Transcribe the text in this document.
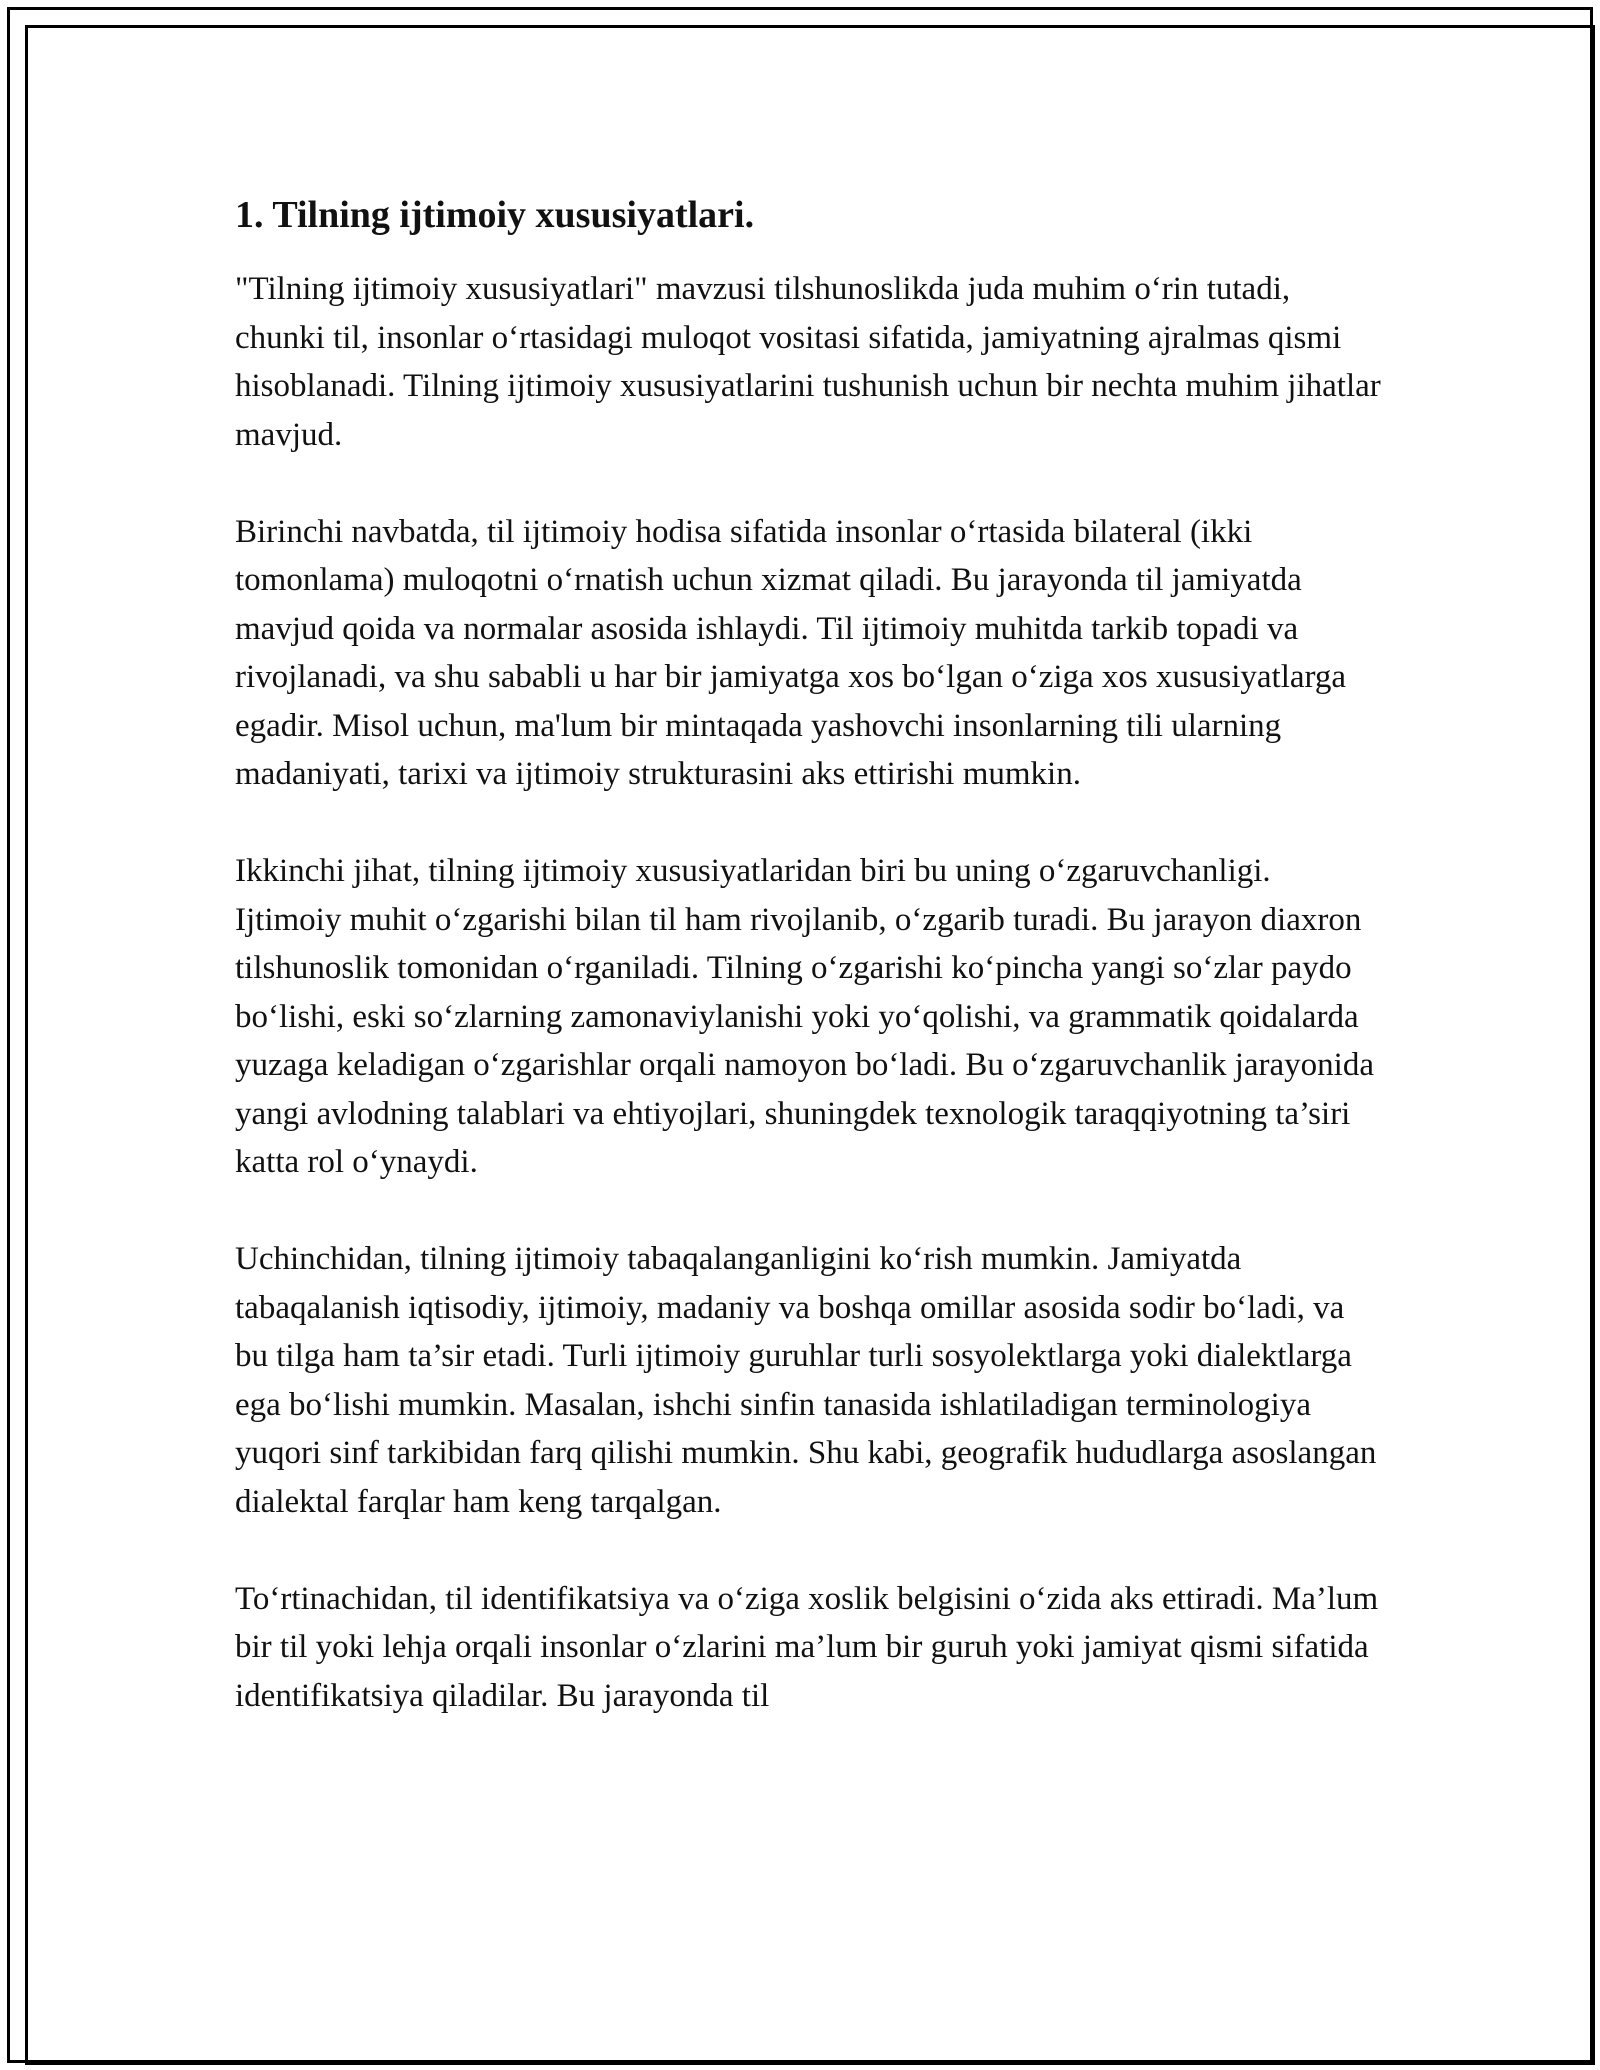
1. Tilning ijtimoiy xususiyatlari.

"Tilning ijtimoiy xususiyatlari" mavzusi tilshunoslikda juda muhim o‘rin tutadi, chunki til, insonlar o‘rtasidagi muloqot vositasi sifatida, jamiyatning ajralmas qismi hisoblanadi. Tilning ijtimoiy xususiyatlarini tushunish uchun bir nechta muhim jihatlar mavjud.

Birinchi navbatda, til ijtimoiy hodisa sifatida insonlar o‘rtasida bilateral (ikki tomonlama) muloqotni o‘rnatish uchun xizmat qiladi. Bu jarayonda til jamiyatda mavjud qoida va normalar asosida ishlaydi. Til ijtimoiy muhitda tarkib topadi va rivojlanadi, va shu sababli u har bir jamiyatga xos bo‘lgan o‘ziga xos xususiyatlarga egadir. Misol uchun, ma'lum bir mintaqada yashovchi insonlarning tili ularning madaniyati, tarixi va ijtimoiy strukturasini aks ettirishi mumkin.

Ikkinchi jihat, tilning ijtimoiy xususiyatlaridan biri bu uning o‘zgaruvchanligi. Ijtimoiy muhit o‘zgarishi bilan til ham rivojlanib, o‘zgarib turadi. Bu jarayon diaxron tilshunoslik tomonidan o‘rganiladi. Tilning o‘zgarishi ko‘pincha yangi so‘zlar paydo bo‘lishi, eski so‘zlarning zamonaviylanishi yoki yo‘qolishi, va grammatik qoidalarda yuzaga keladigan o‘zgarishlar orqali namoyon bo‘ladi. Bu o‘zgaruvchanlik jarayonida yangi avlodning talablari va ehtiyojlari, shuningdek texnologik taraqqiyotning ta’siri katta rol o‘ynaydi.

Uchinchidan, tilning ijtimoiy tabaqalanganligini ko‘rish mumkin. Jamiyatda tabaqalanish iqtisodiy, ijtimoiy, madaniy va boshqa omillar asosida sodir bo‘ladi, va bu tilga ham ta’sir etadi. Turli ijtimoiy guruhlar turli sosyolektlarga yoki dialektlarga ega bo‘lishi mumkin. Masalan, ishchi sinfin tanasida ishlatiladigan terminologiya yuqori sinf tarkibidan farq qilishi mumkin. Shu kabi, geografik hududlarga asoslangan dialektal farqlar ham keng tarqalgan.

To‘rtinachidan, til identifikatsiya va o‘ziga xoslik belgisini o‘zida aks ettiradi. Ma’lum bir til yoki lehja orqali insonlar o‘zlarini ma’lum bir guruh yoki jamiyat qismi sifatida identifikatsiya qiladilar. Bu jarayonda til
